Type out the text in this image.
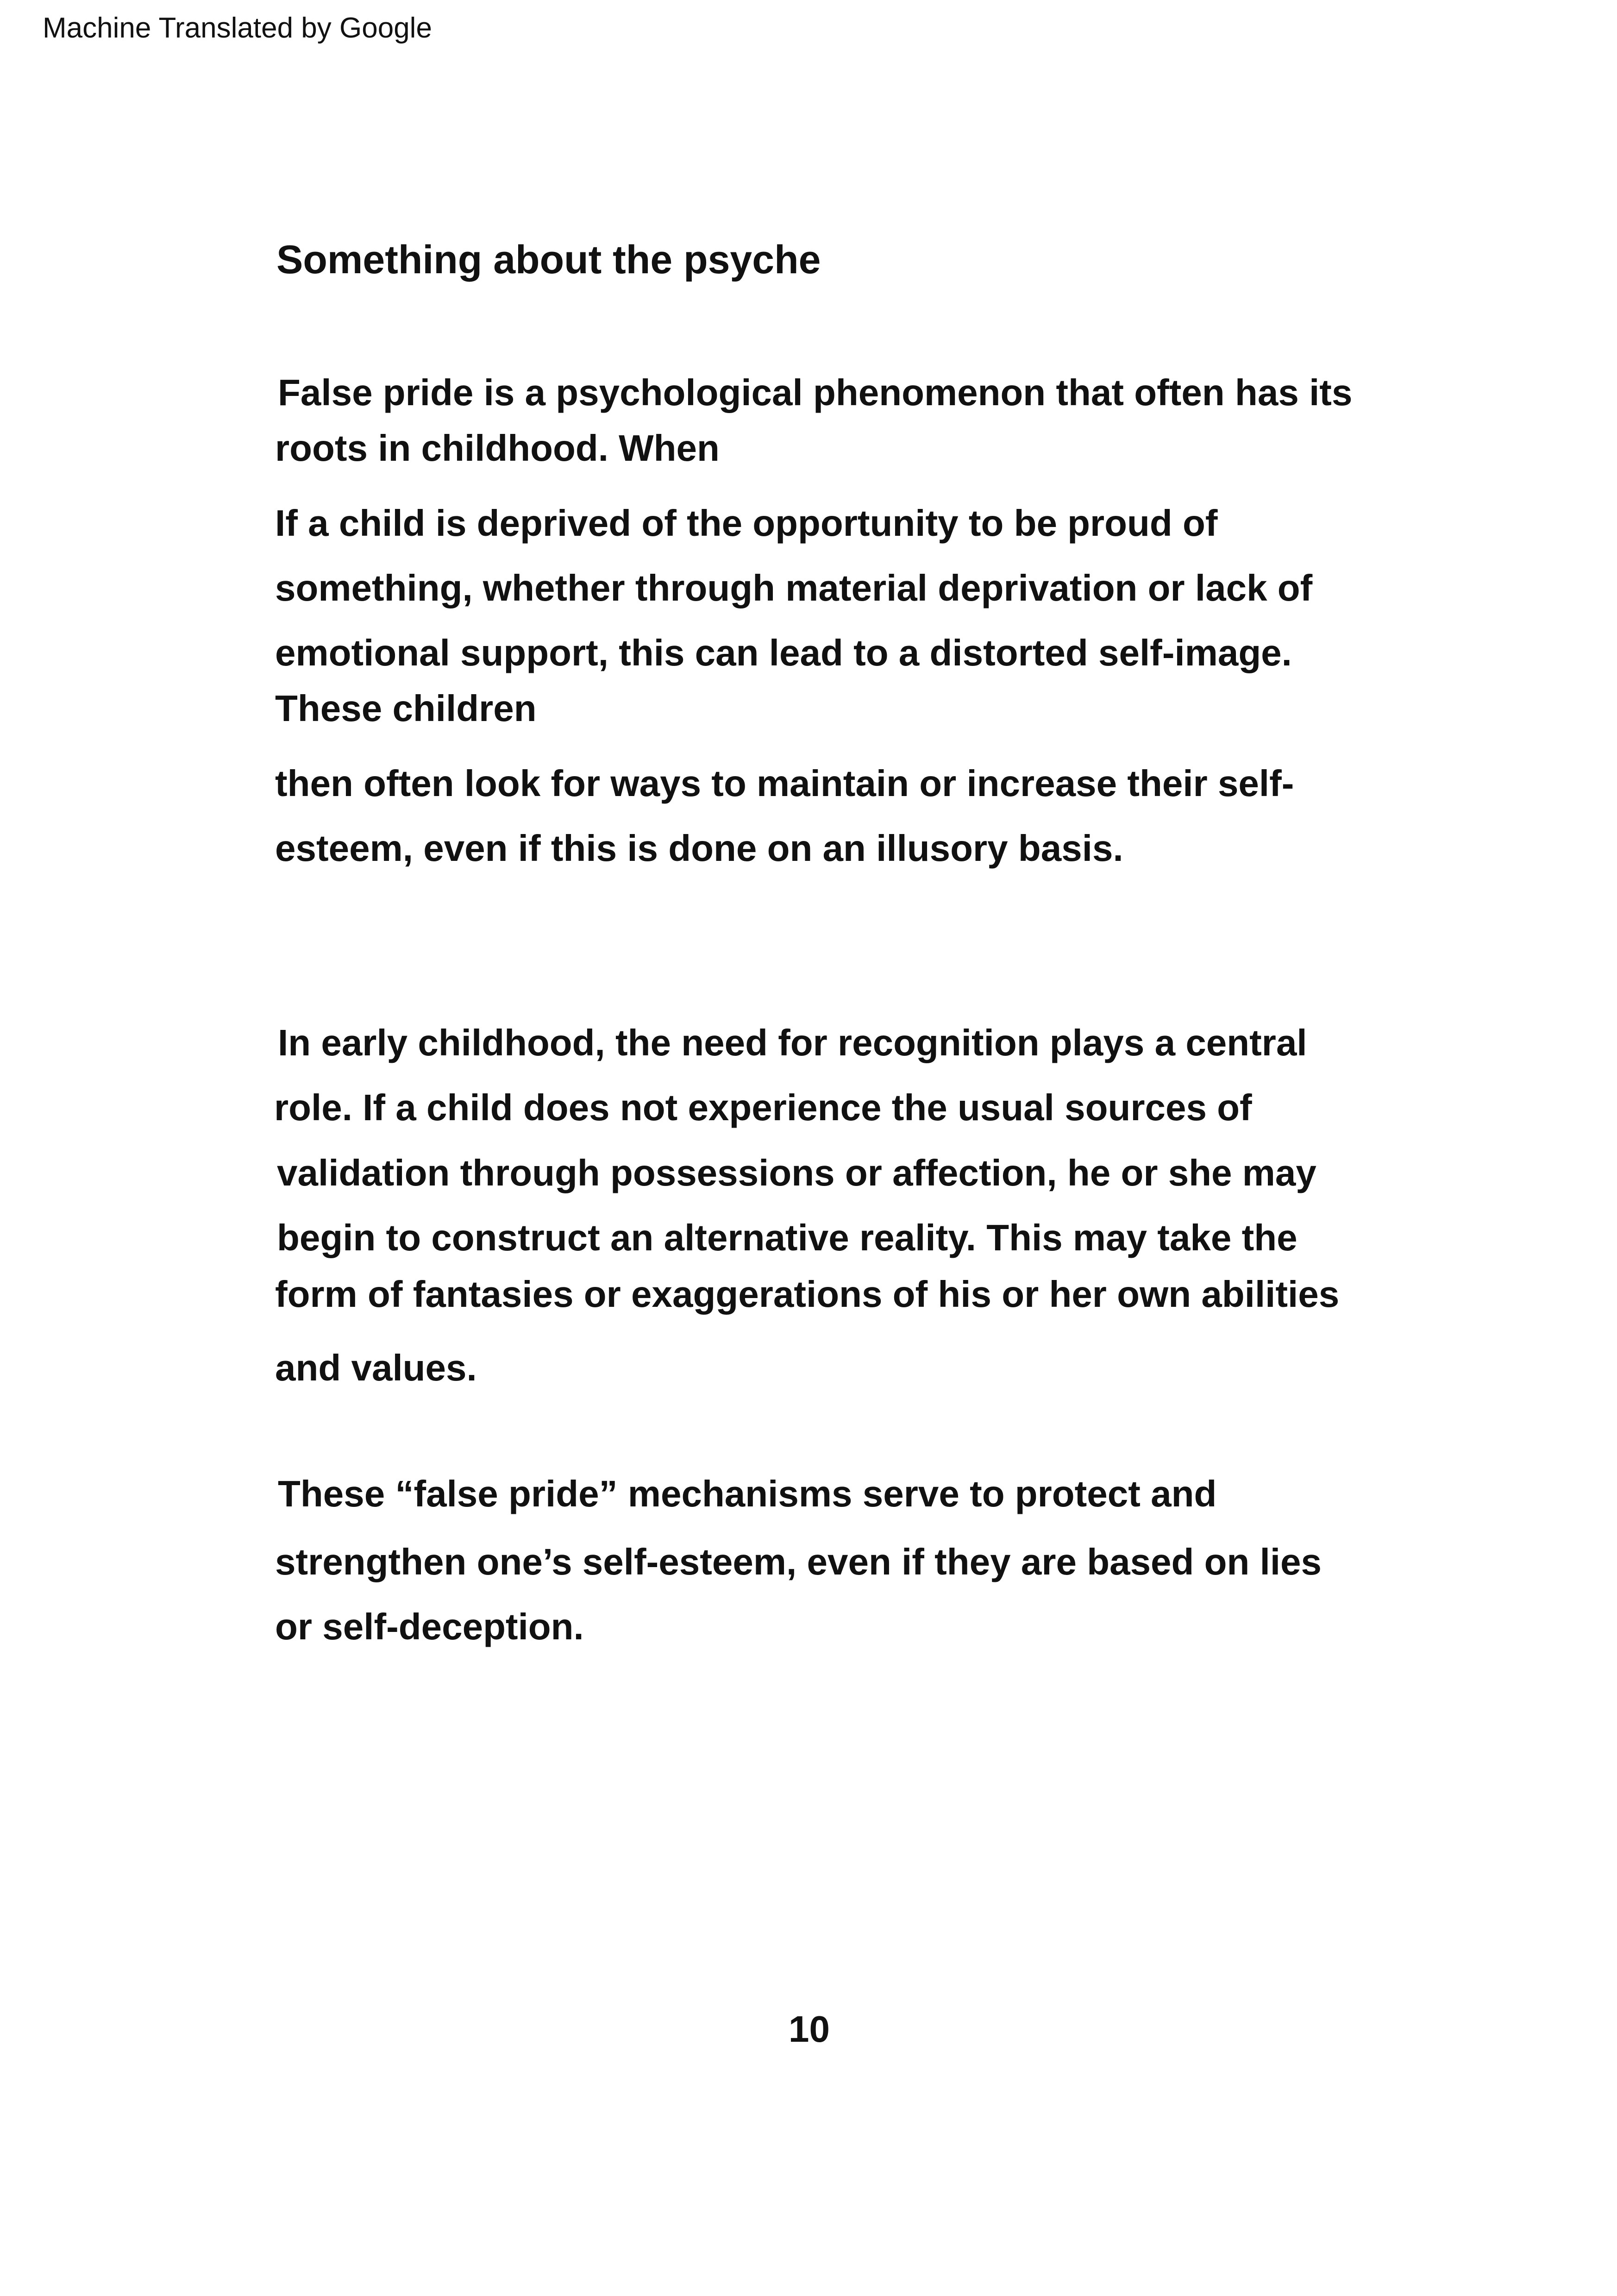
Machine Translated by Google
Something about the psyche

False pride is a psychological phenomenon that often has its

roots in childhood. When

If a child is deprived of the opportunity to be proud of

something, whether through material deprivation or lack of

emotional support, this can lead to a distorted self-image.

These children

then often look for ways to maintain or increase their self-

esteem, even if this is done on an illusory basis.

In early childhood, the need for recognition plays a central

role. If a child does not experience the usual sources of

validation through possessions or affection, he or she may

begin to construct an alternative reality. This may take the

form of fantasies or exaggerations of his or her own abilities

and values.

These “false pride” mechanisms serve to protect and

strengthen one’s self-esteem, even if they are based on lies

or self-deception.

10
